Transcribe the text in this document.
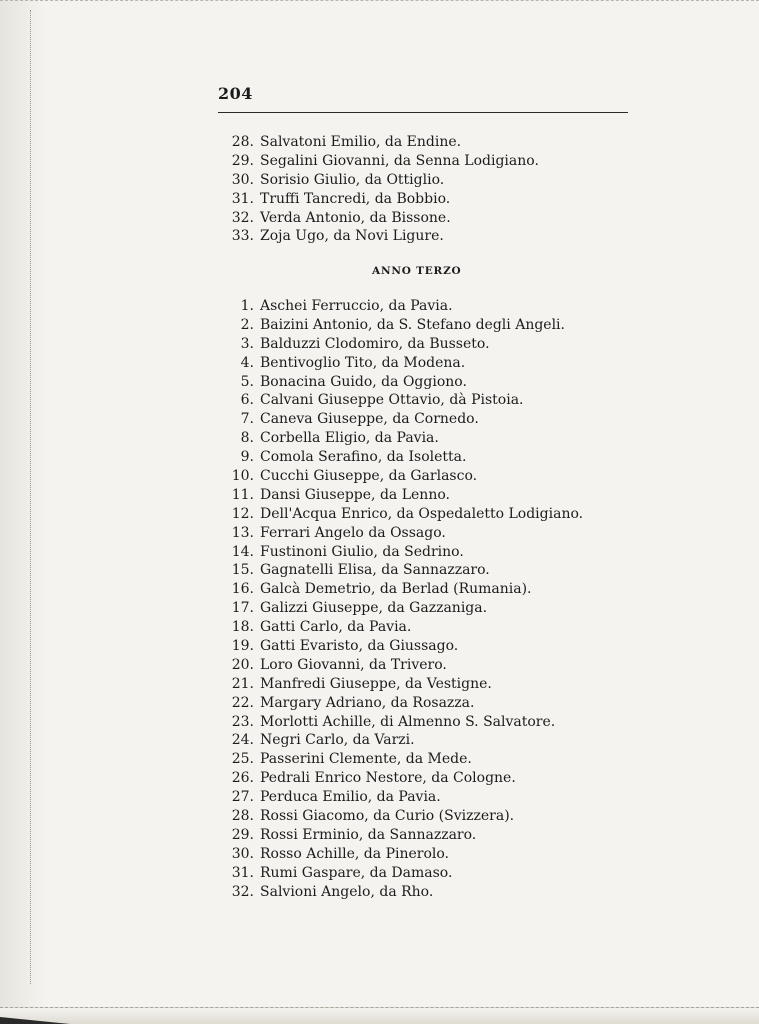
204
28. Salvatoni Emilio, da Endine.
29. Segalini Giovanni, da Senna Lodigiano.
30. Sorisio Giulio, da Ottiglio.
31. Truffi Tancredi, da Bobbio.
32. Verda Antonio, da Bissone.
33. Zoja Ugo, da Novi Ligure.
ANNO TERZO
1. Aschei Ferruccio, da Pavia.
2. Baizini Antonio, da S. Stefano degli Angeli.
3. Balduzzi Clodomiro, da Busseto.
4. Bentivoglio Tito, da Modena.
5. Bonacina Guido, da Oggiono.
6. Calvani Giuseppe Ottavio, dà Pistoia.
7. Caneva Giuseppe, da Cornedo.
8. Corbella Eligio, da Pavia.
9. Comola Serafino, da Isoletta.
10. Cucchi Giuseppe, da Garlasco.
11. Dansi Giuseppe, da Lenno.
12. Dell'Acqua Enrico, da Ospedaletto Lodigiano.
13. Ferrari Angelo da Ossago.
14. Fustinoni Giulio, da Sedrino.
15. Gagnatelli Elisa, da Sannazzaro.
16. Galcà Demetrio, da Berlad (Rumania).
17. Galizzi Giuseppe, da Gazzaniga.
18. Gatti Carlo, da Pavia.
19. Gatti Evaristo, da Giussago.
20. Loro Giovanni, da Trivero.
21. Manfredi Giuseppe, da Vestigne.
22. Margary Adriano, da Rosazza.
23. Morlotti Achille, di Almenno S. Salvatore.
24. Negri Carlo, da Varzi.
25. Passerini Clemente, da Mede.
26. Pedrali Enrico Nestore, da Cologne.
27. Perduca Emilio, da Pavia.
28. Rossi Giacomo, da Curio (Svizzera).
29. Rossi Erminio, da Sannazzaro.
30. Rosso Achille, da Pinerolo.
31. Rumi Gaspare, da Damaso.
32. Salvioni Angelo, da Rho.
